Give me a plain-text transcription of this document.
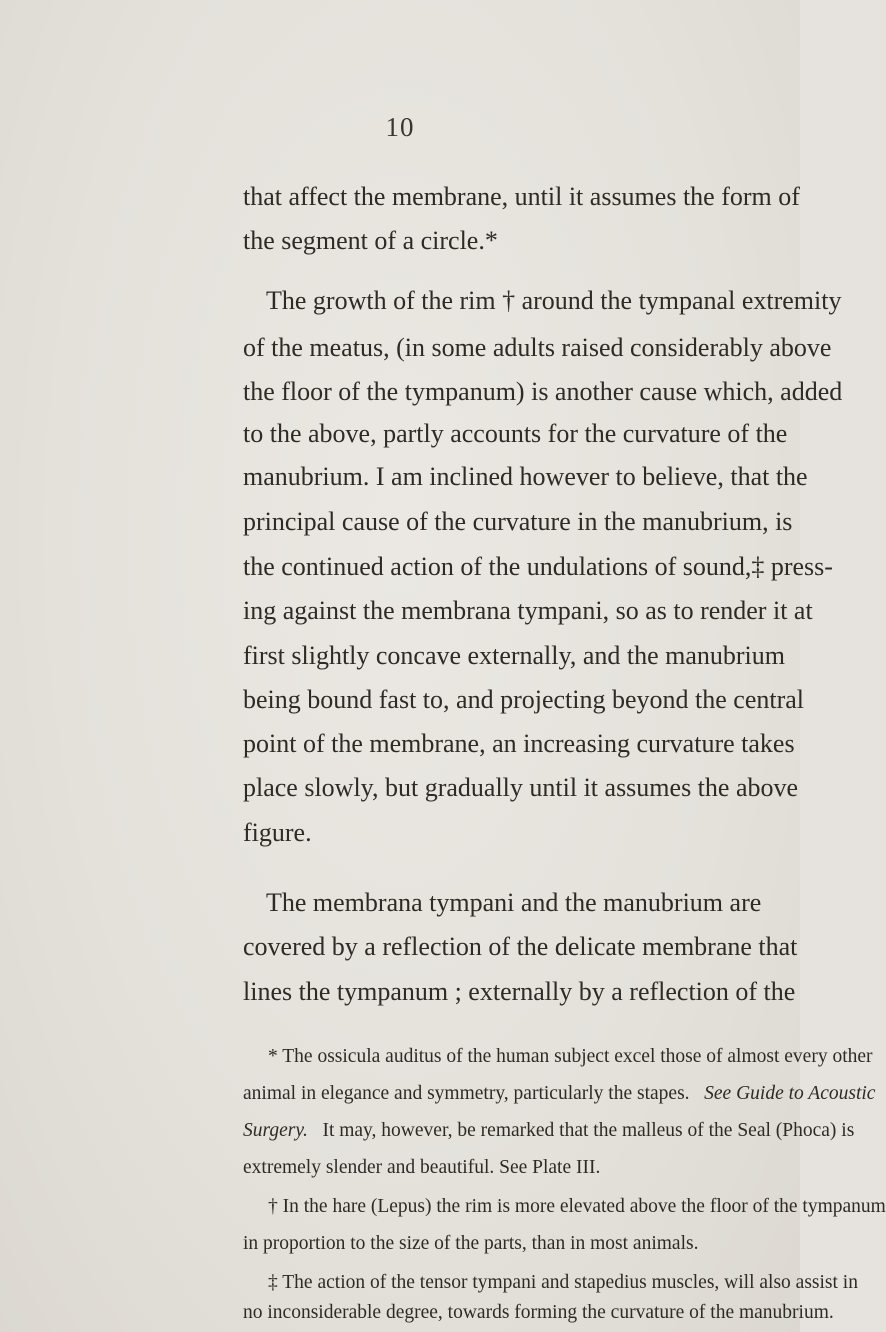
10
that affect the membrane, until it assumes the form of
the segment of a circle.*
The growth of the rim † around the tympanal extremity
of the meatus, (in some adults raised considerably above
the floor of the tympanum) is another cause which, added
to the above, partly accounts for the curvature of the
manubrium. I am inclined however to believe, that the
principal cause of the curvature in the manubrium, is
the continued action of the undulations of sound,‡ press-
ing against the membrana tympani, so as to render it at
first slightly concave externally, and the manubrium
being bound fast to, and projecting beyond the central
point of the membrane, an increasing curvature takes
place slowly, but gradually until it assumes the above
figure.
The membrana tympani and the manubrium are
covered by a reflection of the delicate membrane that
lines the tympanum ; externally by a reflection of the
* The ossicula auditus of the human subject excel those of almost every other
animal in elegance and symmetry, particularly the stapes. See Guide to Acoustic
Surgery. It may, however, be remarked that the malleus of the Seal (Phoca) is
extremely slender and beautiful. See Plate III.
† In the hare (Lepus) the rim is more elevated above the floor of the tympanum
in proportion to the size of the parts, than in most animals.
‡ The action of the tensor tympani and stapedius muscles, will also assist in
no inconsiderable degree, towards forming the curvature of the manubrium.
